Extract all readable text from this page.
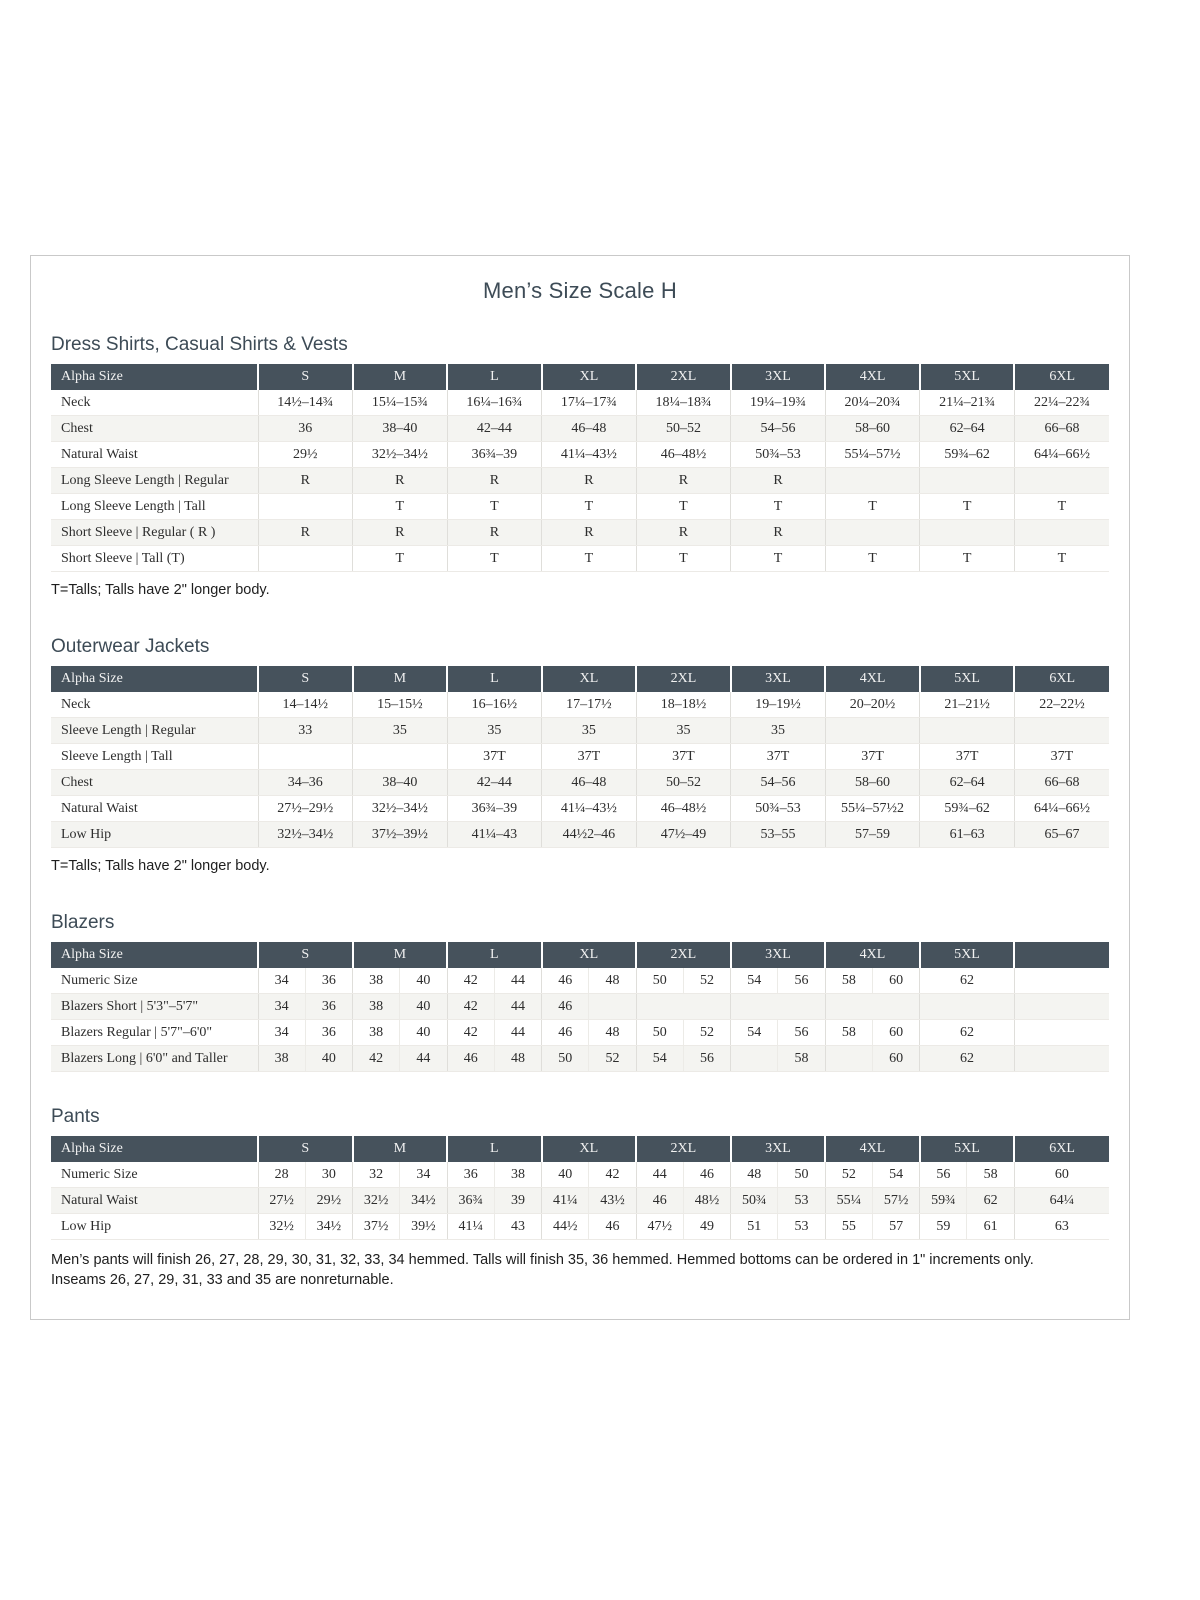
Men’s Size Scale H
Dress Shirts, Casual Shirts & Vests
Alpha Size	S	M	L	XL	2XL	3XL	4XL	5XL	6XL
Neck	14½–14¾	15¼–15¾	16¼–16¾	17¼–17¾	18¼–18¾	19¼–19¾	20¼–20¾	21¼–21¾	22¼–22¾
Chest	36	38–40	42–44	46–48	50–52	54–56	58–60	62–64	66–68
Natural Waist	29½	32½–34½	36¾–39	41¼–43½	46–48½	50¾–53	55¼–57½	59¾–62	64¼–66½
Long Sleeve Length | Regular	R	R	R	R	R	R			
Long Sleeve Length | Tall		T	T	T	T	T	T	T	T
Short Sleeve | Regular ( R )	R	R	R	R	R	R			
Short Sleeve | Tall (T)		T	T	T	T	T	T	T	T
T=Talls; Talls have 2" longer body.
Outerwear Jackets
Alpha Size	S	M	L	XL	2XL	3XL	4XL	5XL	6XL
Neck	14–14½	15–15½	16–16½	17–17½	18–18½	19–19½	20–20½	21–21½	22–22½
Sleeve Length | Regular	33	35	35	35	35	35			
Sleeve Length | Tall			37T	37T	37T	37T	37T	37T	37T
Chest	34–36	38–40	42–44	46–48	50–52	54–56	58–60	62–64	66–68
Natural Waist	27½–29½	32½–34½	36¾–39	41¼–43½	46–48½	50¾–53	55¼–57½2	59¾–62	64¼–66½
Low Hip	32½–34½	37½–39½	41¼–43	44½2–46	47½–49	53–55	57–59	61–63	65–67
T=Talls; Talls have 2" longer body.
Blazers
Alpha Size	S		M		L		XL		2XL		3XL		4XL		5XL	
Numeric Size	34	36	38	40	42	44	46	48	50	52	54	56	58	60	62	
Blazers Short | 5'3"–5'7"	34	36	38	40	42	44	46									
Blazers Regular | 5'7"–6'0"	34	36	38	40	42	44	46	48	50	52	54	56	58	60	62	
Blazers Long | 6'0" and Taller	38	40	42	44	46	48	50	52	54	56		58		60	62	
Pants
Alpha Size	S		M		L		XL		2XL		3XL		4XL		5XL		6XL
Numeric Size	28	30	32	34	36	38	40	42	44	46	48	50	52	54	56	58	60
Natural Waist	27½	29½	32½	34½	36¾	39	41¼	43½	46	48½	50¾	53	55¼	57½	59¾	62	64¼
Low Hip	32½	34½	37½	39½	41¼	43	44½	46	47½	49	51	53	55	57	59	61	63
Men’s pants will finish 26, 27, 28, 29, 30, 31, 32, 33, 34 hemmed. Talls will finish 35, 36 hemmed. Hemmed bottoms can be ordered in 1" increments only.
Inseams 26, 27, 29, 31, 33 and 35 are nonreturnable.
